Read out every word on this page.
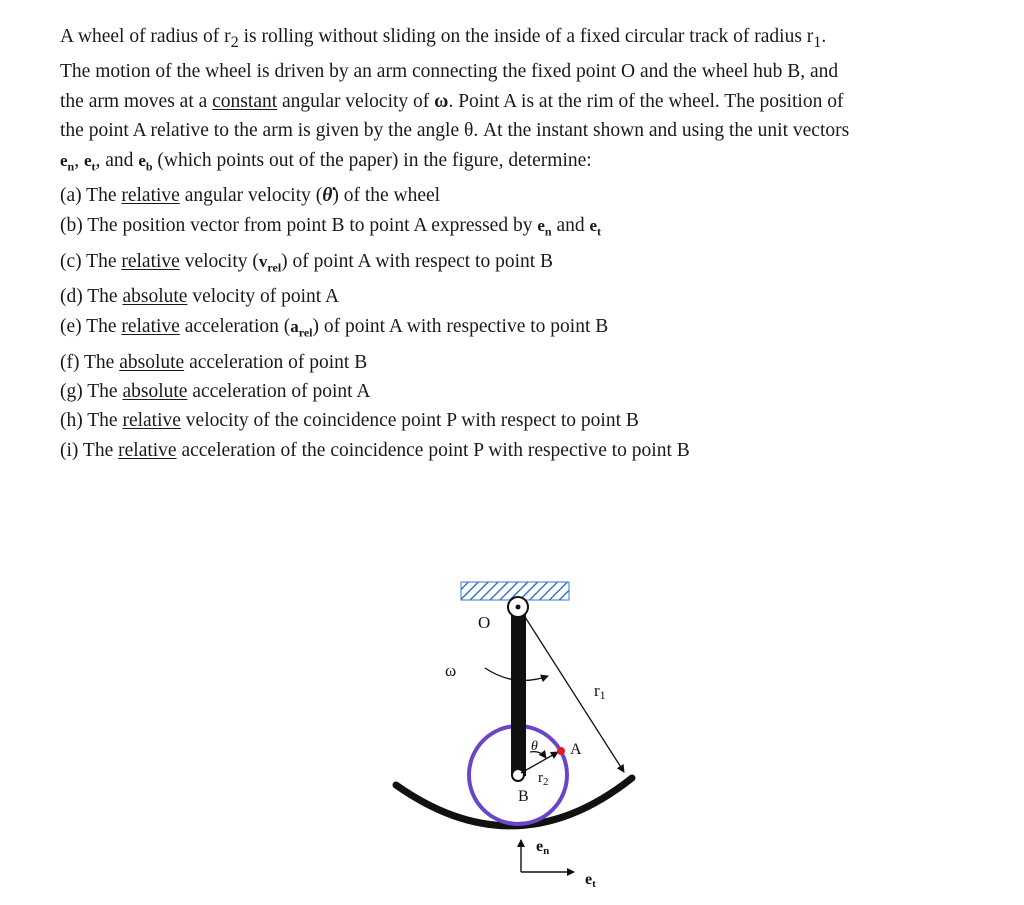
A wheel of radius of $r_2$ is rolling without sliding on the inside of a fixed circular track of radius $r_1$.
The motion of the wheel is driven by an arm connecting the fixed point O and the wheel hub B, and
the arm moves at a constant angular velocity of ω. Point A is at the rim of the wheel. The position of
the point A relative to the arm is given by the angle θ. At the instant shown and using the unit vectors
$e_n$, $e_t$, and $e_b$ (which points out of the paper) in the figure, determine:

(a) The relative angular velocity (θ̇) of the wheel
(b) The position vector from point B to point A expressed by $e_n$ and $e_t$
(c) The relative velocity $(v_{rel})$ of point A with respect to point B
(d) The absolute velocity of point A
(e) The relative acceleration $(a_{rel})$ of point A with respective to point B
(f) The absolute acceleration of point B
(g) The absolute acceleration of point A
(h) The relative velocity of the coincidence point P with respect to point B
(i) The relative acceleration of the coincidence point P with respective to point B
O
ω
r1
θ A
$r_2$
B
en
et
